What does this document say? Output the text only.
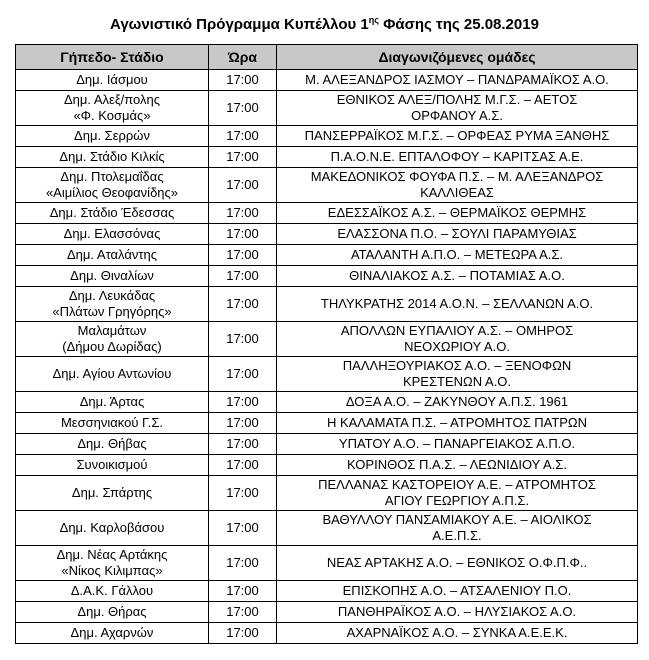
Αγωνιστικό Πρόγραμμα Κυπέλλου $1^{\eta\varsigma}$ Φάσης της 25.08.2019
Γήπεδο- Στάδιο	Ώρα	Διαγωνιζόμενες ομάδες

Δημ. Ιάσμου	17:00	Μ. ΑΛΕΞΑΝΔΡΟΣ ΙΑΣΜΟΥ – ΠΑΝΔΡΑΜΑΪΚΟΣ Α.Ο.

Δημ. Αλεξ/πολης
«Φ. Κοσμάς»	17:00	ΕΘΝΙΚΟΣ ΑΛΕΞ/ΠΟΛΗΣ Μ.Γ.Σ. – ΑΕΤΟΣ
ΟΡΦΑΝΟΥ Α.Σ.

Δημ. Σερρών	17:00	ΠΑΝΣΕΡΡΑΪΚΟΣ Μ.Γ.Σ. – ΟΡΦΕΑΣ ΡΥΜΑ ΞΑΝΘΗΣ

Δημ. Στάδιο Κιλκίς	17:00	Π.Α.Ο.Ν.Ε. ΕΠΤΑΛΟΦΟΥ – ΚΑΡΙΤΣΑΣ Α.Ε.

Δημ. Πτολεμαΐδας
«Αιμίλιος Θεοφανίδης»	17:00	ΜΑΚΕΔΟΝΙΚΟΣ ΦΟΥΦΑ Π.Σ. – Μ. ΑΛΕΞΑΝΔΡΟΣ
ΚΑΛΛΙΘΕΑΣ

Δημ. Στάδιο Έδεσσας	17:00	ΕΔΕΣΣΑΪΚΟΣ Α.Σ. – ΘΕΡΜΑΪΚΟΣ ΘΕΡΜΗΣ

Δημ. Ελασσόνας	17:00	ΕΛΑΣΣΟΝΑ Π.Ο. – ΣΟΥΛΙ ΠΑΡΑΜΥΘΙΑΣ

Δημ. Αταλάντης	17:00	ΑΤΑΛΑΝΤΗ Α.Π.Ο. – ΜΕΤΕΩΡΑ Α.Σ.

Δημ. Θιναλίων	17:00	ΘΙΝΑΛΙΑΚΟΣ Α.Σ. – ΠΟΤΑΜΙΑΣ Α.Ο.

Δημ. Λευκάδας
«Πλάτων Γρηγόρης»	17:00	ΤΗΛΥΚΡΑΤΗΣ 2014 Α.Ο.Ν. – ΣΕΛΛΑΝΩΝ Α.Ο.

Μαλαμάτων
(Δήμου Δωρίδας)	17:00	ΑΠΟΛΛΩΝ ΕΥΠΑΛΙΟΥ Α.Σ. – ΟΜΗΡΟΣ
ΝΕΟΧΩΡΙΟΥ Α.Ο.

Δημ. Αγίου Αντωνίου	17:00	ΠΑΛΛΗΞΟΥΡΙΑΚΟΣ Α.Ο. – ΞΕΝΟΦΩΝ
ΚΡΕΣΤΕΝΩΝ Α.Ο.

Δημ. Άρτας	17:00	ΔΟΞΑ Α.Ο. – ΖΑΚΥΝΘΟΥ Α.Π.Σ. 1961

Μεσσηνιακού Γ.Σ.	17:00	Η ΚΑΛΑΜΑΤΑ Π.Σ. – ΑΤΡΟΜΗΤΟΣ ΠΑΤΡΩΝ

Δημ. Θήβας	17:00	ΥΠΑΤΟΥ Α.Ο. – ΠΑΝΑΡΓΕΙΑΚΟΣ Α.Π.Ο.

Συνοικισμού	17:00	ΚΟΡΙΝΘΟΣ Π.Α.Σ. – ΛΕΩΝΙΔΙΟΥ Α.Σ.

Δημ. Σπάρτης	17:00	ΠΕΛΛΑΝΑΣ ΚΑΣΤΟΡΕΙΟΥ Α.Ε. – ΑΤΡΟΜΗΤΟΣ
ΑΓΙΟΥ ΓΕΩΡΓΙΟΥ Α.Π.Σ.

Δημ. Καρλοβάσου	17:00	ΒΑΘΥΛΛΟΥ ΠΑΝΣΑΜΙΑΚΟΥ Α.Ε. – ΑΙΟΛΙΚΟΣ
Α.Ε.Π.Σ.

Δημ. Νέας Αρτάκης
«Νίκος Κιλιμπας»	17:00	ΝΕΑΣ ΑΡΤΑΚΗΣ Α.Ο. – ΕΘΝΙΚΟΣ Ο.Φ.Π.Φ..

Δ.Α.Κ. Γάλλου	17:00	ΕΠΙΣΚΟΠΗΣ Α.Ο. – ΑΤΣΑΛΕΝΙΟΥ Π.Ο.

Δημ. Θήρας	17:00	ΠΑΝΘΗΡΑΪΚΟΣ Α.Ο. – ΗΛΥΣΙΑΚΟΣ Α.Ο.

Δημ. Αχαρνών	17:00	ΑΧΑΡΝΑΪΚΟΣ Α.Ο. – ΣΥΝΚΑ Α.Ε.Ε.Κ.
